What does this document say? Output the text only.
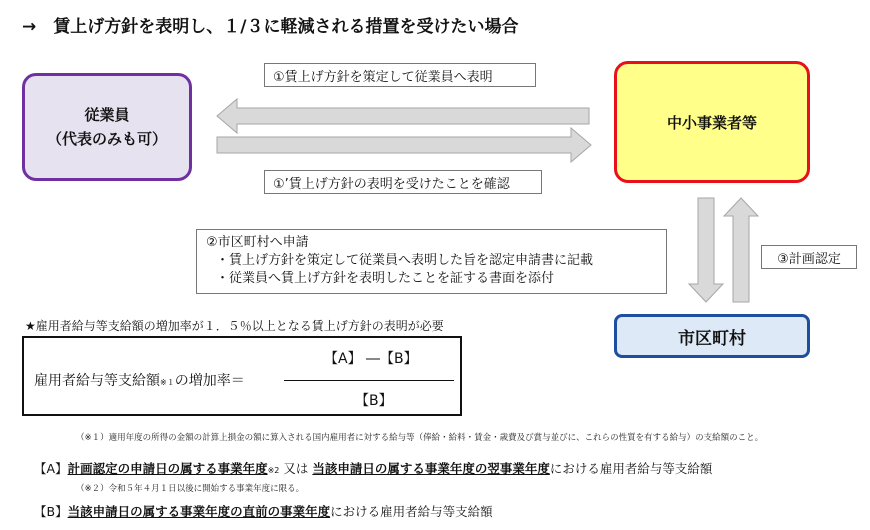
→　賃上げ方針を表明し、１/３に軽減される措置を受けたい場合
従業員
（代表のみも可）
中小事業者等
市区町村
①賃上げ方針を策定して従業員へ表明
①’賃上げ方針の表明を受けたことを確認
③計画認定
②市区町村へ申請
・賃上げ方針を策定して従業員へ表明した旨を認定申請書に記載
・従業員へ賃上げ方針を表明したことを証する書面を添付
★雇用者給与等支給額の増加率が１．５％以上となる賃上げ方針の表明が必要
雇用者給与等支給額※１の増加率＝
【A】 ―【B】
【B】
（※１）適用年度の所得の金額の計算上損金の額に算入される国内雇用者に対する給与等（俸給・給料・賃金・歳費及び賞与並びに、これらの性質を有する給与）の支給額のこと。
【A】計画認定の申請日の属する事業年度※2 又は 当該申請日の属する事業年度の翌事業年度における雇用者給与等支給額
（※２）令和５年４月１日以後に開始する事業年度に限る。
【B】当該申請日の属する事業年度の直前の事業年度における雇用者給与等支給額
